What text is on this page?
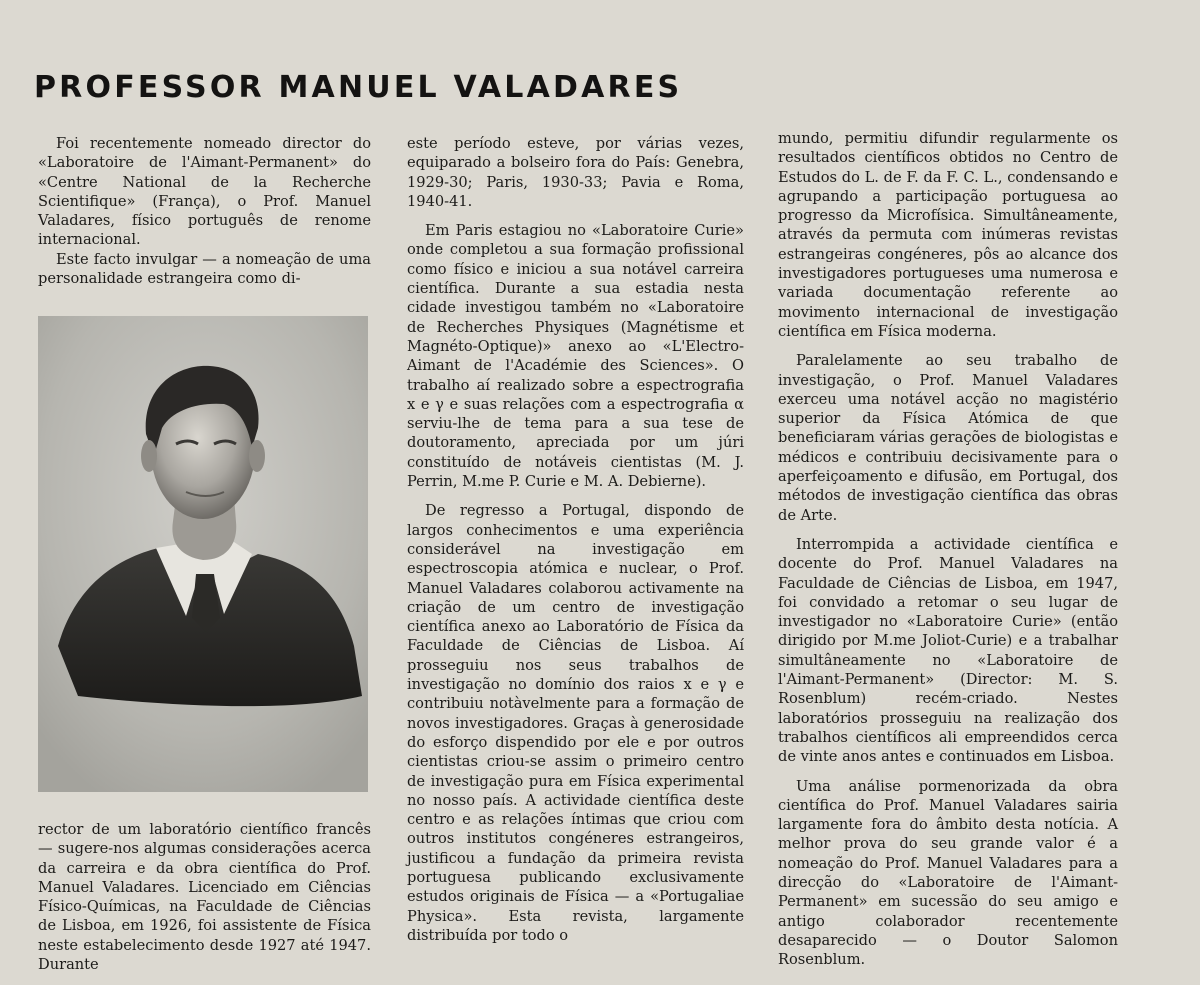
PROFESSOR MANUEL VALADARES

Foi recentemente nomeado director do «Laboratoire de l'Aimant-Permanent» do «Centre National de la Recherche Scientifique» (França), o Prof. Manuel Valadares, físico português de renome internacional.

Este facto invulgar — a nomeação de uma personalidade estrangeira como di-

rector de um laboratório científico francês — sugere-nos algumas considerações acerca da carreira e da obra científica do Prof. Manuel Valadares. Licenciado em Ciências Físico-Químicas, na Faculdade de Ciências de Lisboa, em 1926, foi assistente de Física neste estabelecimento desde 1927 até 1947. Durante

este período esteve, por várias vezes, equiparado a bolseiro fora do País: Genebra, 1929-30; Paris, 1930-33; Pavia e Roma, 1940-41.

Em Paris estagiou no «Laboratoire Curie» onde completou a sua formação profissional como físico e iniciou a sua notável carreira científica. Durante a sua estadia nesta cidade investigou também no «Laboratoire de Recherches Physiques (Magnétisme et Magnéto-Optique)» anexo ao «L'Electro-Aimant de l'Académie des Sciences». O trabalho aí realizado sobre a espectrografia x e γ e suas relações com a espectrografia α serviu-lhe de tema para a sua tese de doutoramento, apreciada por um júri constituído de notáveis cientistas (M. J. Perrin, M.me P. Curie e M. A. Debierne).

De regresso a Portugal, dispondo de largos conhecimentos e uma experiência considerável na investigação em espectroscopia atómica e nuclear, o Prof. Manuel Valadares colaborou activamente na criação de um centro de investigação científica anexo ao Laboratório de Física da Faculdade de Ciências de Lisboa. Aí prosseguiu nos seus trabalhos de investigação no domínio dos raios x e γ e contribuiu notàvelmente para a formação de novos investigadores. Graças à generosidade do esforço dispendido por ele e por outros cientistas criou-se assim o primeiro centro de investigação pura em Física experimental no nosso país. A actividade científica deste centro e as relações íntimas que criou com outros institutos congéneres estrangeiros, justificou a fundação da primeira revista portuguesa publicando exclusivamente estudos originais de Física — a «Portugaliae Physica». Esta revista, largamente distribuída por todo o

mundo, permitiu difundir regularmente os resultados científicos obtidos no Centro de Estudos do L. de F. da F. C. L., condensando e agrupando a participação portuguesa ao progresso da Microfísica. Simultâneamente, através da permuta com inúmeras revistas estrangeiras congéneres, pôs ao alcance dos investigadores portugueses uma numerosa e variada documentação referente ao movimento internacional de investigação científica em Física moderna.

Paralelamente ao seu trabalho de investigação, o Prof. Manuel Valadares exerceu uma notável acção no magistério superior da Física Atómica de que beneficiaram várias gerações de biologistas e médicos e contribuiu decisivamente para o aperfeiçoamento e difusão, em Portugal, dos métodos de investigação científica das obras de Arte.

Interrompida a actividade científica e docente do Prof. Manuel Valadares na Faculdade de Ciências de Lisboa, em 1947, foi convidado a retomar o seu lugar de investigador no «Laboratoire Curie» (então dirigido por M.me Joliot-Curie) e a trabalhar simultâneamente no «Laboratoire de l'Aimant-Permanent» (Director: M. S. Rosenblum) recém-criado. Nestes laboratórios prosseguiu na realização dos trabalhos científicos ali empreendidos cerca de vinte anos antes e continuados em Lisboa.

Uma análise pormenorizada da obra científica do Prof. Manuel Valadares sairia largamente fora do âmbito desta notícia. A melhor prova do seu grande valor é a nomeação do Prof. Manuel Valadares para a direcção do «Laboratoire de l'Aimant-Permanent» em sucessão do seu amigo e antigo colaborador recentemente desaparecido — o Doutor Salomon Rosenblum.
